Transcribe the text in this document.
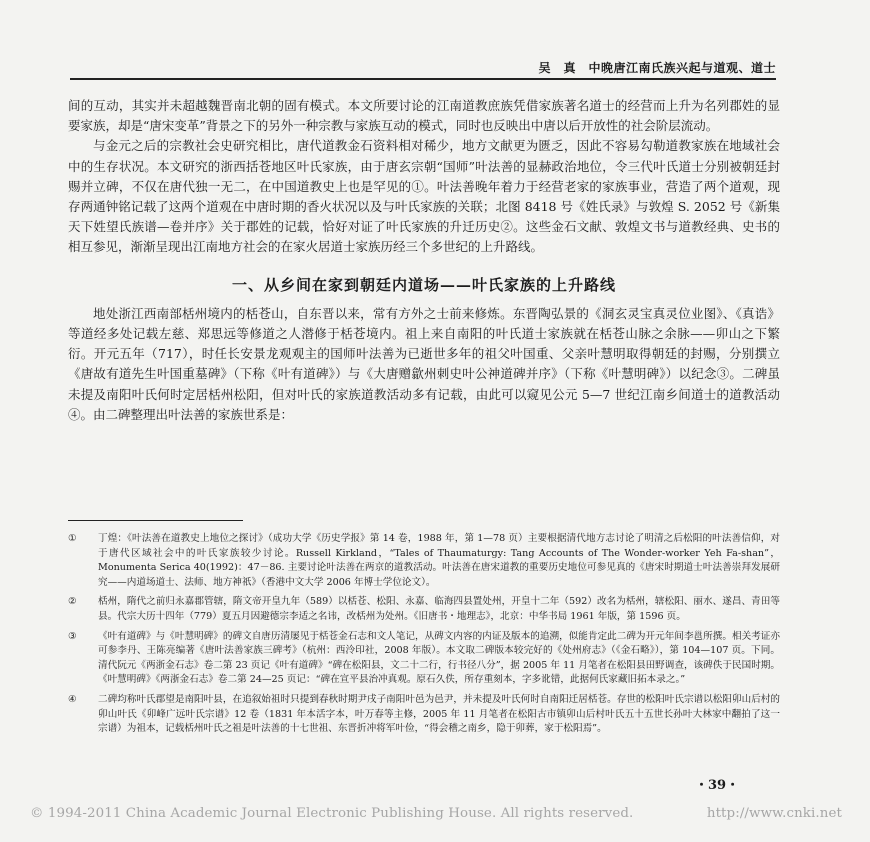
吴　真　中晚唐江南氏族兴起与道观、道士

间的互动，其实并未超越魏晋南北朝的固有模式。本文所要讨论的江南道教庶族凭借家族著名道士的经营而上升为名列郡姓的显要家族，却是“唐宋变革”背景之下的另外一种宗教与家族互动的模式，同时也反映出中唐以后开放性的社会阶层流动。

与金元之后的宗教社会史研究相比，唐代道教金石资料相对稀少，地方文献更为匮乏，因此不容易勾勒道教家族在地域社会中的生存状况。本文研究的浙西括苍地区叶氏家族，由于唐玄宗朝“国师”叶法善的显赫政治地位，令三代叶氏道士分别被朝廷封赐并立碑，不仅在唐代独一无二，在中国道教史上也是罕见的①。叶法善晚年着力于经营老家的家族事业，营造了两个道观，现存两通钟铭记载了这两个道观在中唐时期的香火状况以及与叶氏家族的关联；北图 8418 号《姓氏录》与敦煌 S. 2052 号《新集天下姓望氏族谱—卷并序》关于郡姓的记载，恰好对证了叶氏家族的升迁历史②。这些金石文献、敦煌文书与道教经典、史书的相互参见，渐渐呈现出江南地方社会的在家火居道士家族历经三个多世纪的上升路线。

一、从乡间在家到朝廷内道场——叶氏家族的上升路线

地处浙江西南部栝州境内的栝苍山，自东晋以来，常有方外之士前来修炼。东晋陶弘景的《洞玄灵宝真灵位业图》、《真诰》等道经多处记载左慈、郑思远等修道之人潜修于栝苍境内。祖上来自南阳的叶氏道士家族就在栝苍山脉之余脉——卯山之下繁衍。开元五年（717），时任长安景龙观观主的国师叶法善为已逝世多年的祖父叶国重、父亲叶慧明取得朝廷的封赐，分别撰立《唐故有道先生叶国重墓碑》（下称《叶有道碑》）与《大唐赠歙州刺史叶公神道碑并序》（下称《叶慧明碑》）以纪念③。二碑虽未提及南阳叶氏何时定居栝州松阳，但对叶氏的家族道教活动多有记载，由此可以窥见公元 5—7 世纪江南乡间道士的道教活动④。由二碑整理出叶法善的家族世系是：

① 丁煌：《叶法善在道教史上地位之探讨》（成功大学《历史学报》第 14 卷，1988 年，第 1—78 页）主要根据清代地方志讨论了明清之后松阳的叶法善信仰，对于唐代区域社会中的叶氏家族较少讨论。Russell Kirkland，“Tales of Thaumaturgy: Tang Accounts of The Wonder-worker Yeh Fa-shan”，Monumenta Serica 40(1992)：47－86. 主要讨论叶法善在两京的道教活动。叶法善在唐宋道教的重要历史地位可参见真的《唐宋时期道士叶法善崇拜发展研究——内道场道士、法师、地方神祇》（香港中文大学 2006 年博士学位论文）。
② 栝州，隋代之前归永嘉郡管辖，隋文帝开皇九年（589）以栝苍、松阳、永嘉、临海四县置处州，开皇十二年（592）改名为栝州，辖松阳、丽水、遂昌、青田等县。代宗大历十四年（779）夏五月因避德宗李适之名讳，改栝州为处州。《旧唐书・地理志》，北京：中华书局 1961 年版，第 1596 页。
③ 《叶有道碑》与《叶慧明碑》的碑文自唐历清屡见于栝苍金石志和文人笔记，从碑文内容的内证及版本的追溯，似能肯定此二碑为开元年间李邕所撰。相关考证亦可参李丹、王陈亮编著《唐叶法善家族三碑考》（杭州：西泠印社，2008 年版）。本文取二碑版本较完好的《处州府志》（《金石略》），第 104—107 页。下同。清代阮元《两浙金石志》卷二第 23 页记《叶有道碑》“碑在松阳县，文二十二行，行书径八分”，据 2005 年 11 月笔者在松阳县田野调查，该碑佚于民国时期。《叶慧明碑》《两浙金石志》卷二第 24—25 页记：“碑在宣平县治冲真观。原石久佚，所存重刻本，字多讹错，此据何氏家藏旧拓本录之。”
④ 二碑均称叶氏郡望是南阳叶县，在追叙始祖时只提到春秋时期尹戌子南阳叶邑为邑尹，并未提及叶氏何时自南阳迁居栝苍。存世的松阳叶氏宗谱以松阳卯山后村的卯山叶氏《卯峰广远叶氏宗谱》12 卷（1831 年本活字本，叶万春等主修，2005 年 11 月笔者在松阳古市镇卯山后村叶氏五十五世长孙叶大林家中翻拍了这一宗谱）为祖本，记载栝州叶氏之祖是叶法善的十七世祖、东晋折冲将军叶俭，“得会稽之南乡，隐于卯葬，家于松阳焉”。
・39・
© 1994-2011 China Academic Journal Electronic Publishing House. All rights reserved.	http://www.cnki.net
